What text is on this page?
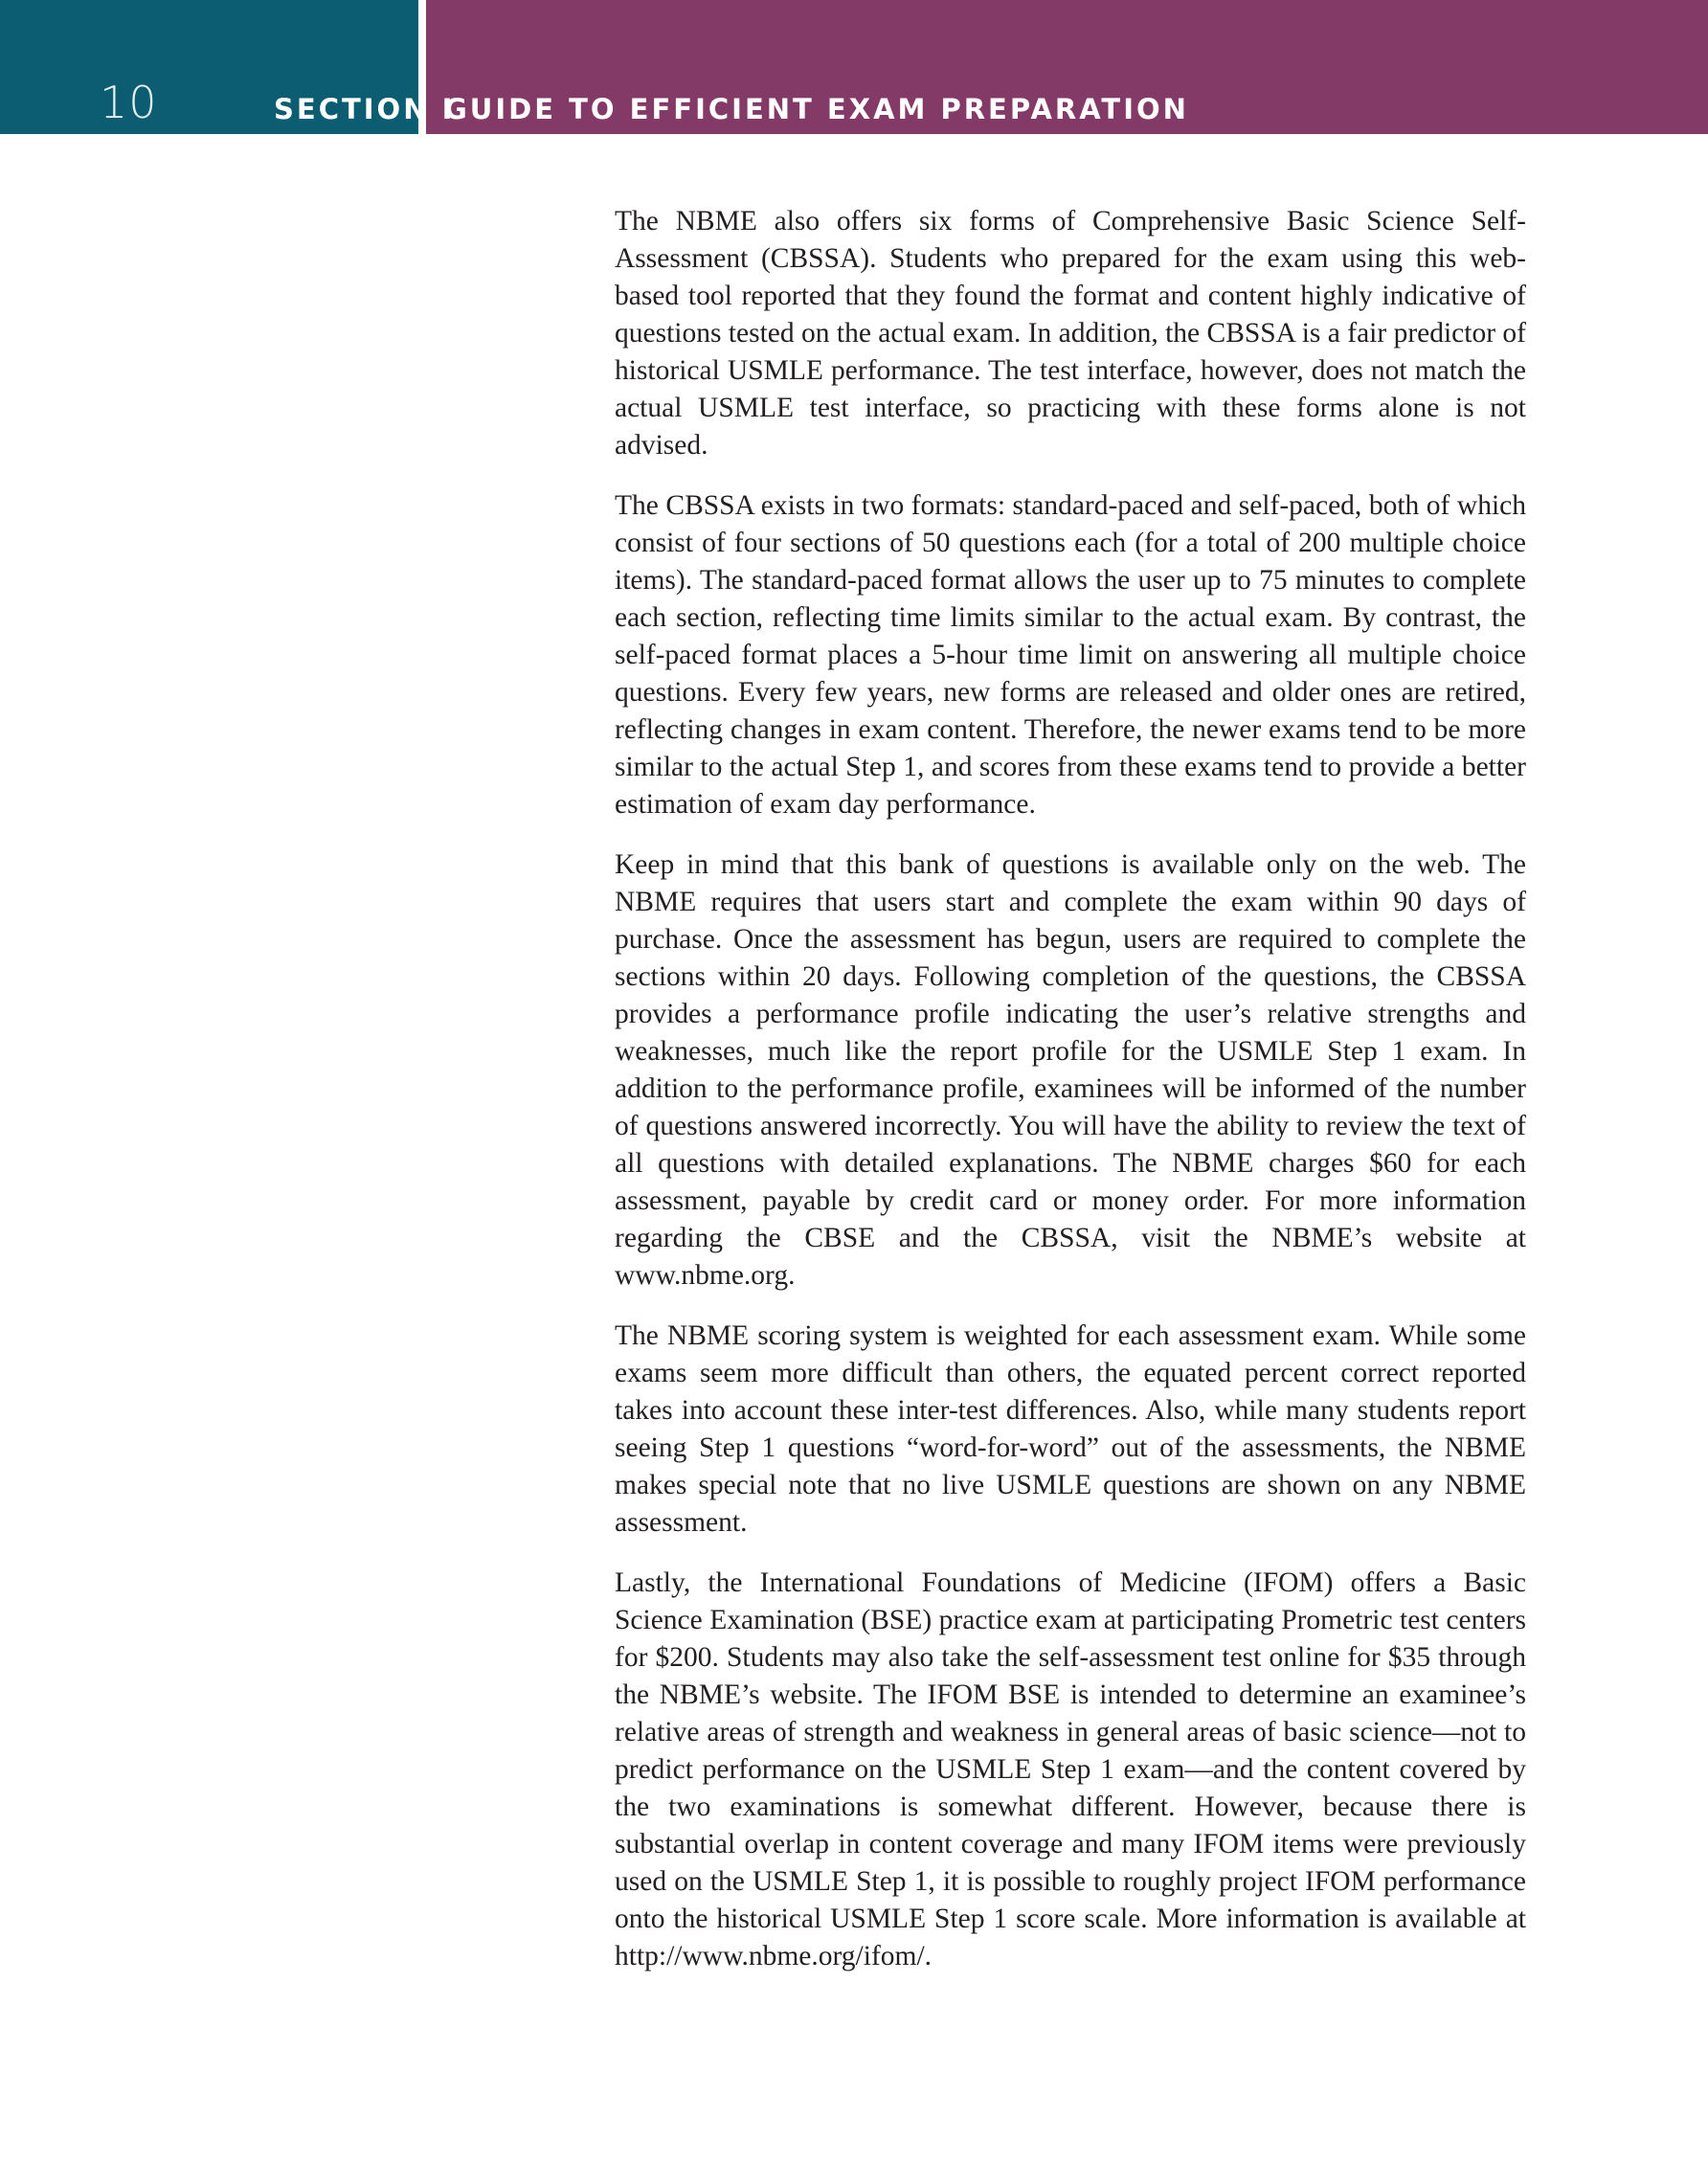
10	SECTION I
GUIDE TO EFFICIENT EXAM PREPARATION

The NBME also offers six forms of Comprehensive Basic Science Self-Assessment (CBSSA). Students who prepared for the exam using this web-based tool reported that they found the format and content highly indicative of questions tested on the actual exam. In addition, the CBSSA is a fair predictor of historical USMLE performance. The test interface, however, does not match the actual USMLE test interface, so practicing with these forms alone is not advised.

The CBSSA exists in two formats: standard-paced and self-paced, both of which consist of four sections of 50 questions each (for a total of 200 multiple choice items). The standard-paced format allows the user up to 75 minutes to complete each section, reflecting time limits similar to the actual exam. By contrast, the self-paced format places a 5-hour time limit on answering all multiple choice questions. Every few years, new forms are released and older ones are retired, reflecting changes in exam content. Therefore, the newer exams tend to be more similar to the actual Step 1, and scores from these exams tend to provide a better estimation of exam day performance.

Keep in mind that this bank of questions is available only on the web. The NBME requires that users start and complete the exam within 90 days of purchase. Once the assessment has begun, users are required to complete the sections within 20 days. Following completion of the questions, the CBSSA provides a performance profile indicating the user’s relative strengths and weaknesses, much like the report profile for the USMLE Step 1 exam. In addition to the performance profile, examinees will be informed of the number of questions answered incorrectly. You will have the ability to review the text of all questions with detailed explanations. The NBME charges $60 for each assessment, payable by credit card or money order. For more information regarding the CBSE and the CBSSA, visit the NBME’s website at www.nbme.org.

The NBME scoring system is weighted for each assessment exam. While some exams seem more difficult than others, the equated percent correct reported takes into account these inter-test differences. Also, while many students report seeing Step 1 questions “word-for-word” out of the assessments, the NBME makes special note that no live USMLE questions are shown on any NBME assessment.

Lastly, the International Foundations of Medicine (IFOM) offers a Basic Science Examination (BSE) practice exam at participating Prometric test centers for $200. Students may also take the self-assessment test online for $35 through the NBME’s website. The IFOM BSE is intended to determine an examinee’s relative areas of strength and weakness in general areas of basic science—not to predict performance on the USMLE Step 1 exam—and the content covered by the two examinations is somewhat different. However, because there is substantial overlap in content coverage and many IFOM items were previously used on the USMLE Step 1, it is possible to roughly project IFOM performance onto the historical USMLE Step 1 score scale. More information is available at http://www.nbme.org/ifom/.
